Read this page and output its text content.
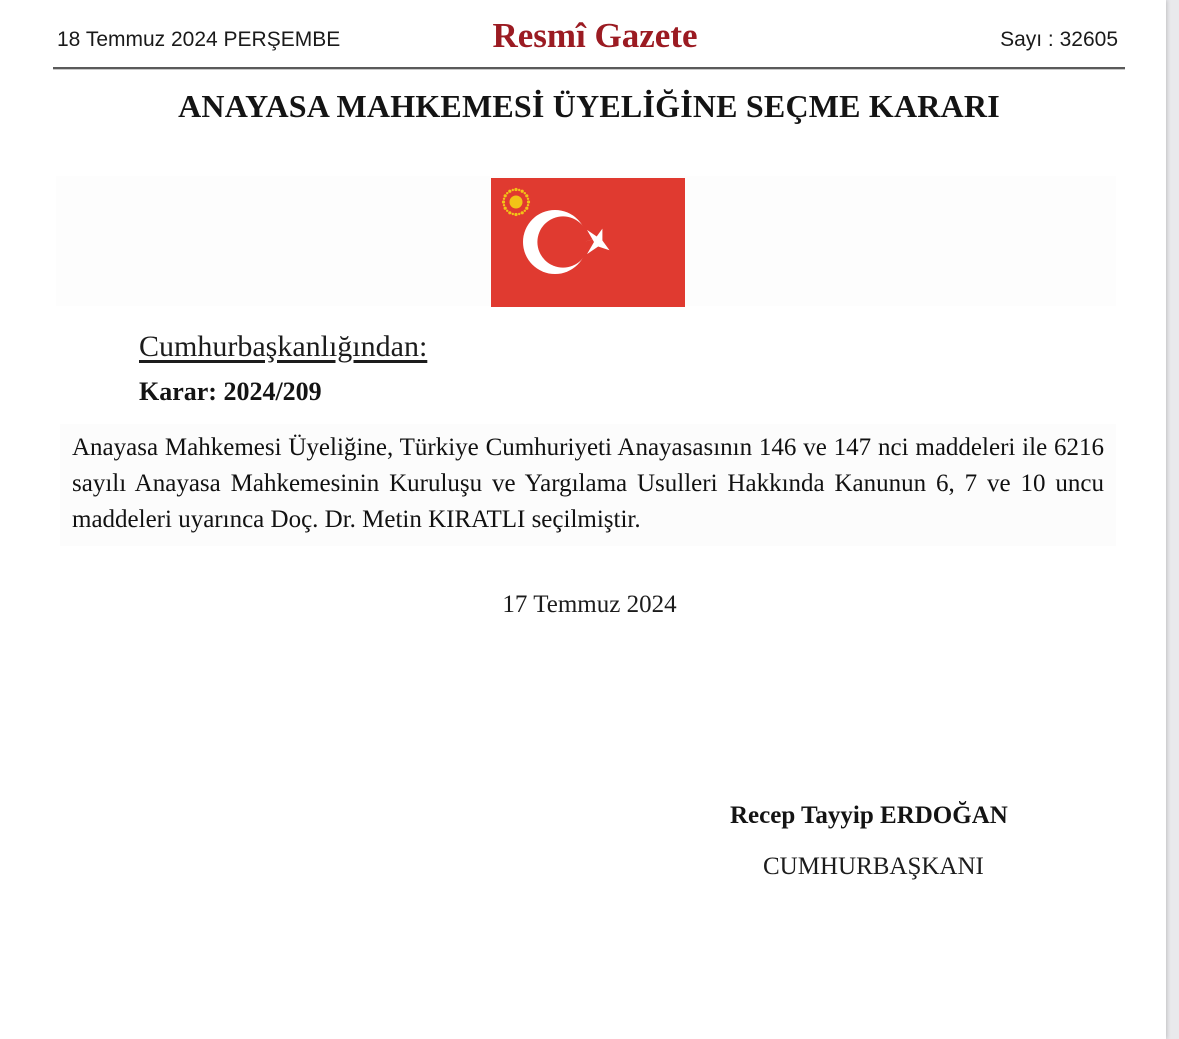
18 Temmuz 2024 PERŞEMBE	Resmî Gazete	Sayı : 32605
ANAYASA MAHKEMESİ ÜYELİĞİNE SEÇME KARARI
Cumhurbaşkanlığından:
Karar: 2024/209

Anayasa Mahkemesi Üyeliğine, Türkiye Cumhuriyeti Anayasasının 146 ve 147 nci maddeleri ile 6216 sayılı Anayasa Mahkemesinin Kuruluşu ve Yargılama Usulleri Hakkında Kanunun 6, 7 ve 10 uncu maddeleri uyarınca Doç. Dr. Metin KIRATLI seçilmiştir.

17 Temmuz 2024
Recep Tayyip ERDOĞAN
CUMHURBAŞKANI
